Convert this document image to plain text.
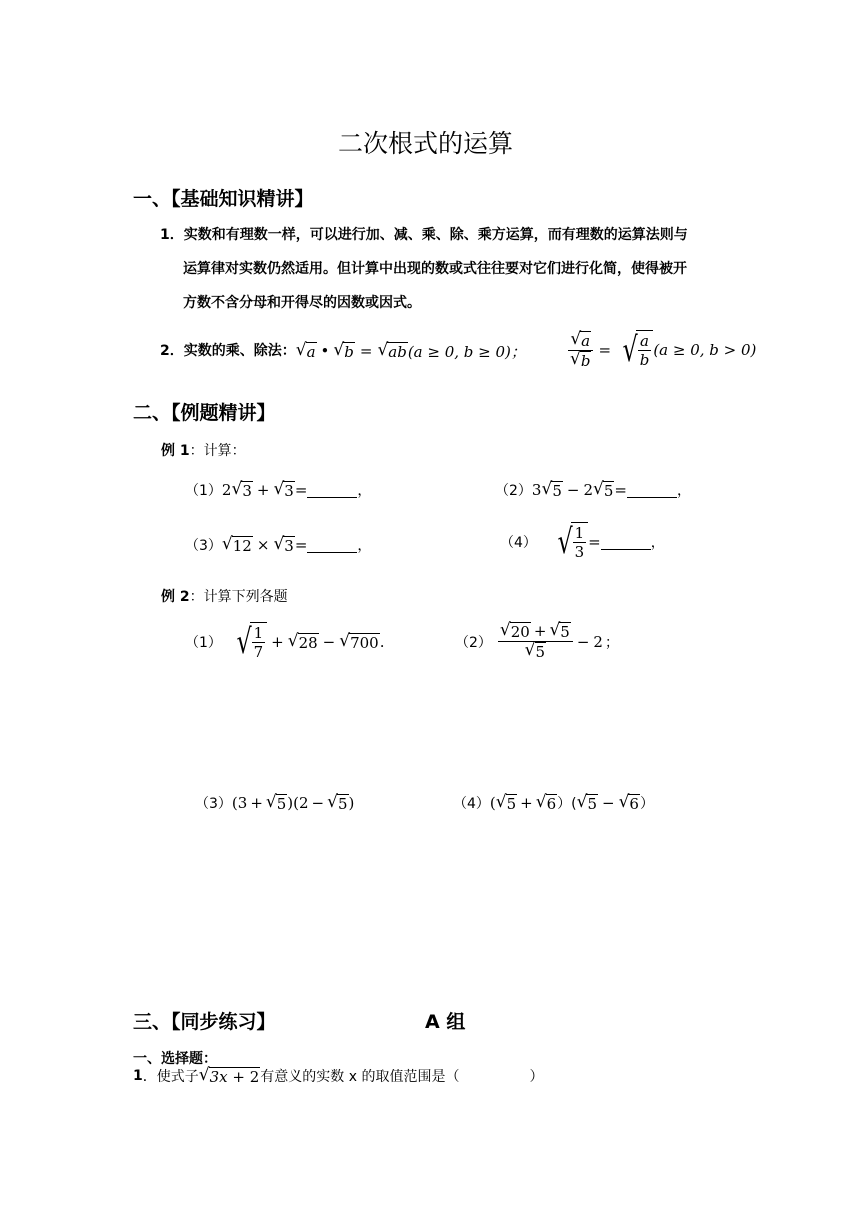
二次根式的运算
一、【基础知识精讲】
1．实数和有理数一样，可以进行加、减、乘、除、乘方运算，而有理数的运算法则与
运算律对实数仍然适用。但计算中出现的数或式往往要对它们进行化简，使得被开
方数不含分母和开得尽的因数或因式。
2．实数的乘、除法： √ a • √ b = √ ab (a ≥ 0, b ≥ 0)； $\frac{√ a}{√ b}$ = √ $\frac{a}{b} (a \ge 0$, b > 0)
二、【例题精讲】
例 1：计算：
（1） 2 √ 3 + √ 3 =	，	（2） 3 √ 5 − 2 √ 5 =	，
（3） √ 12 × √ 3 =	，	（4） √ $\frac{1}{3}$ =	，
例 2：计算下列各题
（1） √ $\frac{1}{7}$ + √ 28 − √ 700 .	$(2) \frac{√ 20 + √ 5}{√ 5} - 2$ ；
（3） (3 + √ 5 )(2 − √ 5 )	（4） ( √ 5 + √ 6 ）( √ 5 − √ 6 ）
三、【同步练习】	A 组
一、选择题：
1 ．使式子 √ 3x + 2 有意义的实数 x 的取值范围是（	）
